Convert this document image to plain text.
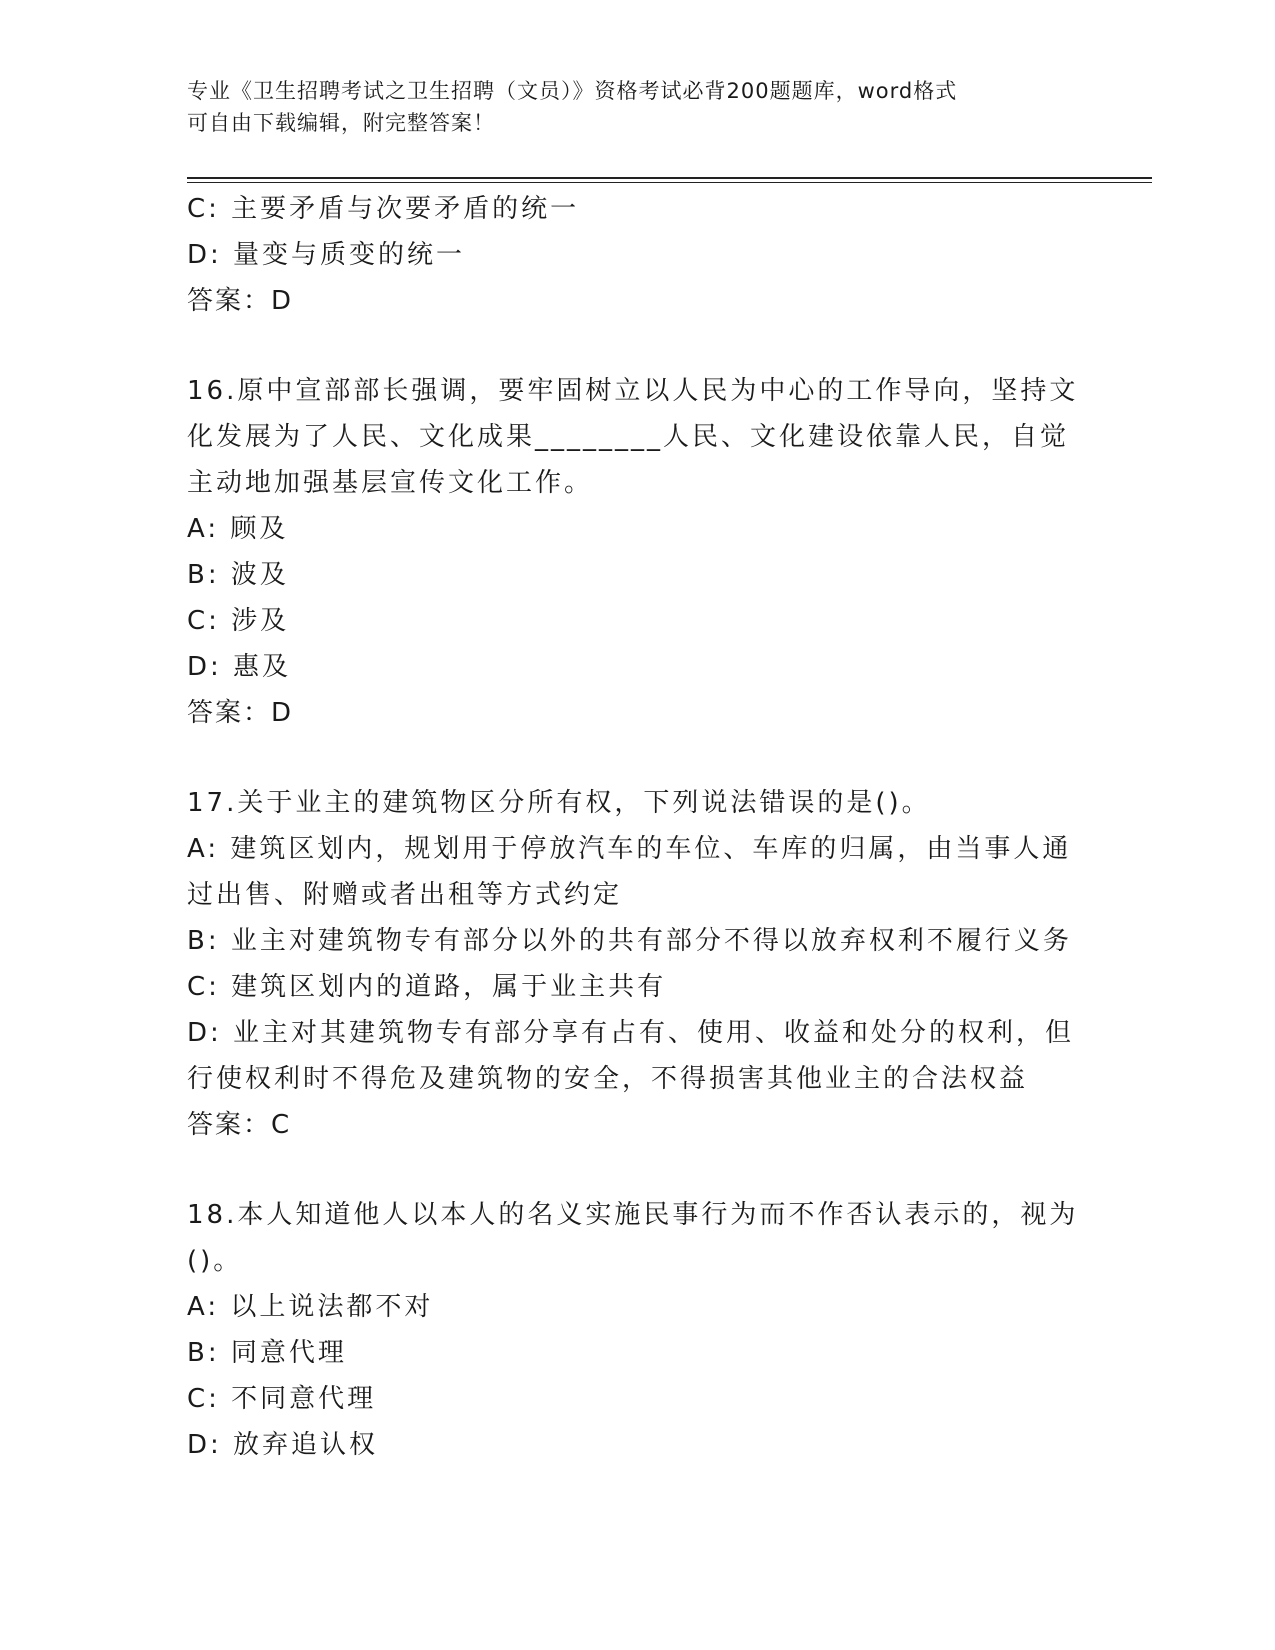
专业《卫生招聘考试之卫生招聘（文员）》资格考试必背200题题库，word格式
可自由下载编辑，附完整答案！
C: 主要矛盾与次要矛盾的统一
D: 量变与质变的统一
答案：D
16.原中宣部部长强调，要牢固树立以人民为中心的工作导向，坚持文
化发展为了人民、文化成果________人民、文化建设依靠人民，自觉
主动地加强基层宣传文化工作。
A: 顾及
B: 波及
C: 涉及
D: 惠及
答案：D
17.关于业主的建筑物区分所有权，下列说法错误的是()。
A: 建筑区划内，规划用于停放汽车的车位、车库的归属，由当事人通
过出售、附赠或者出租等方式约定
B: 业主对建筑物专有部分以外的共有部分不得以放弃权利不履行义务
C: 建筑区划内的道路，属于业主共有
D: 业主对其建筑物专有部分享有占有、使用、收益和处分的权利，但
行使权利时不得危及建筑物的安全，不得损害其他业主的合法权益
答案：C
18.本人知道他人以本人的名义实施民事行为而不作否认表示的，视为
()。
A: 以上说法都不对
B: 同意代理
C: 不同意代理
D: 放弃追认权
